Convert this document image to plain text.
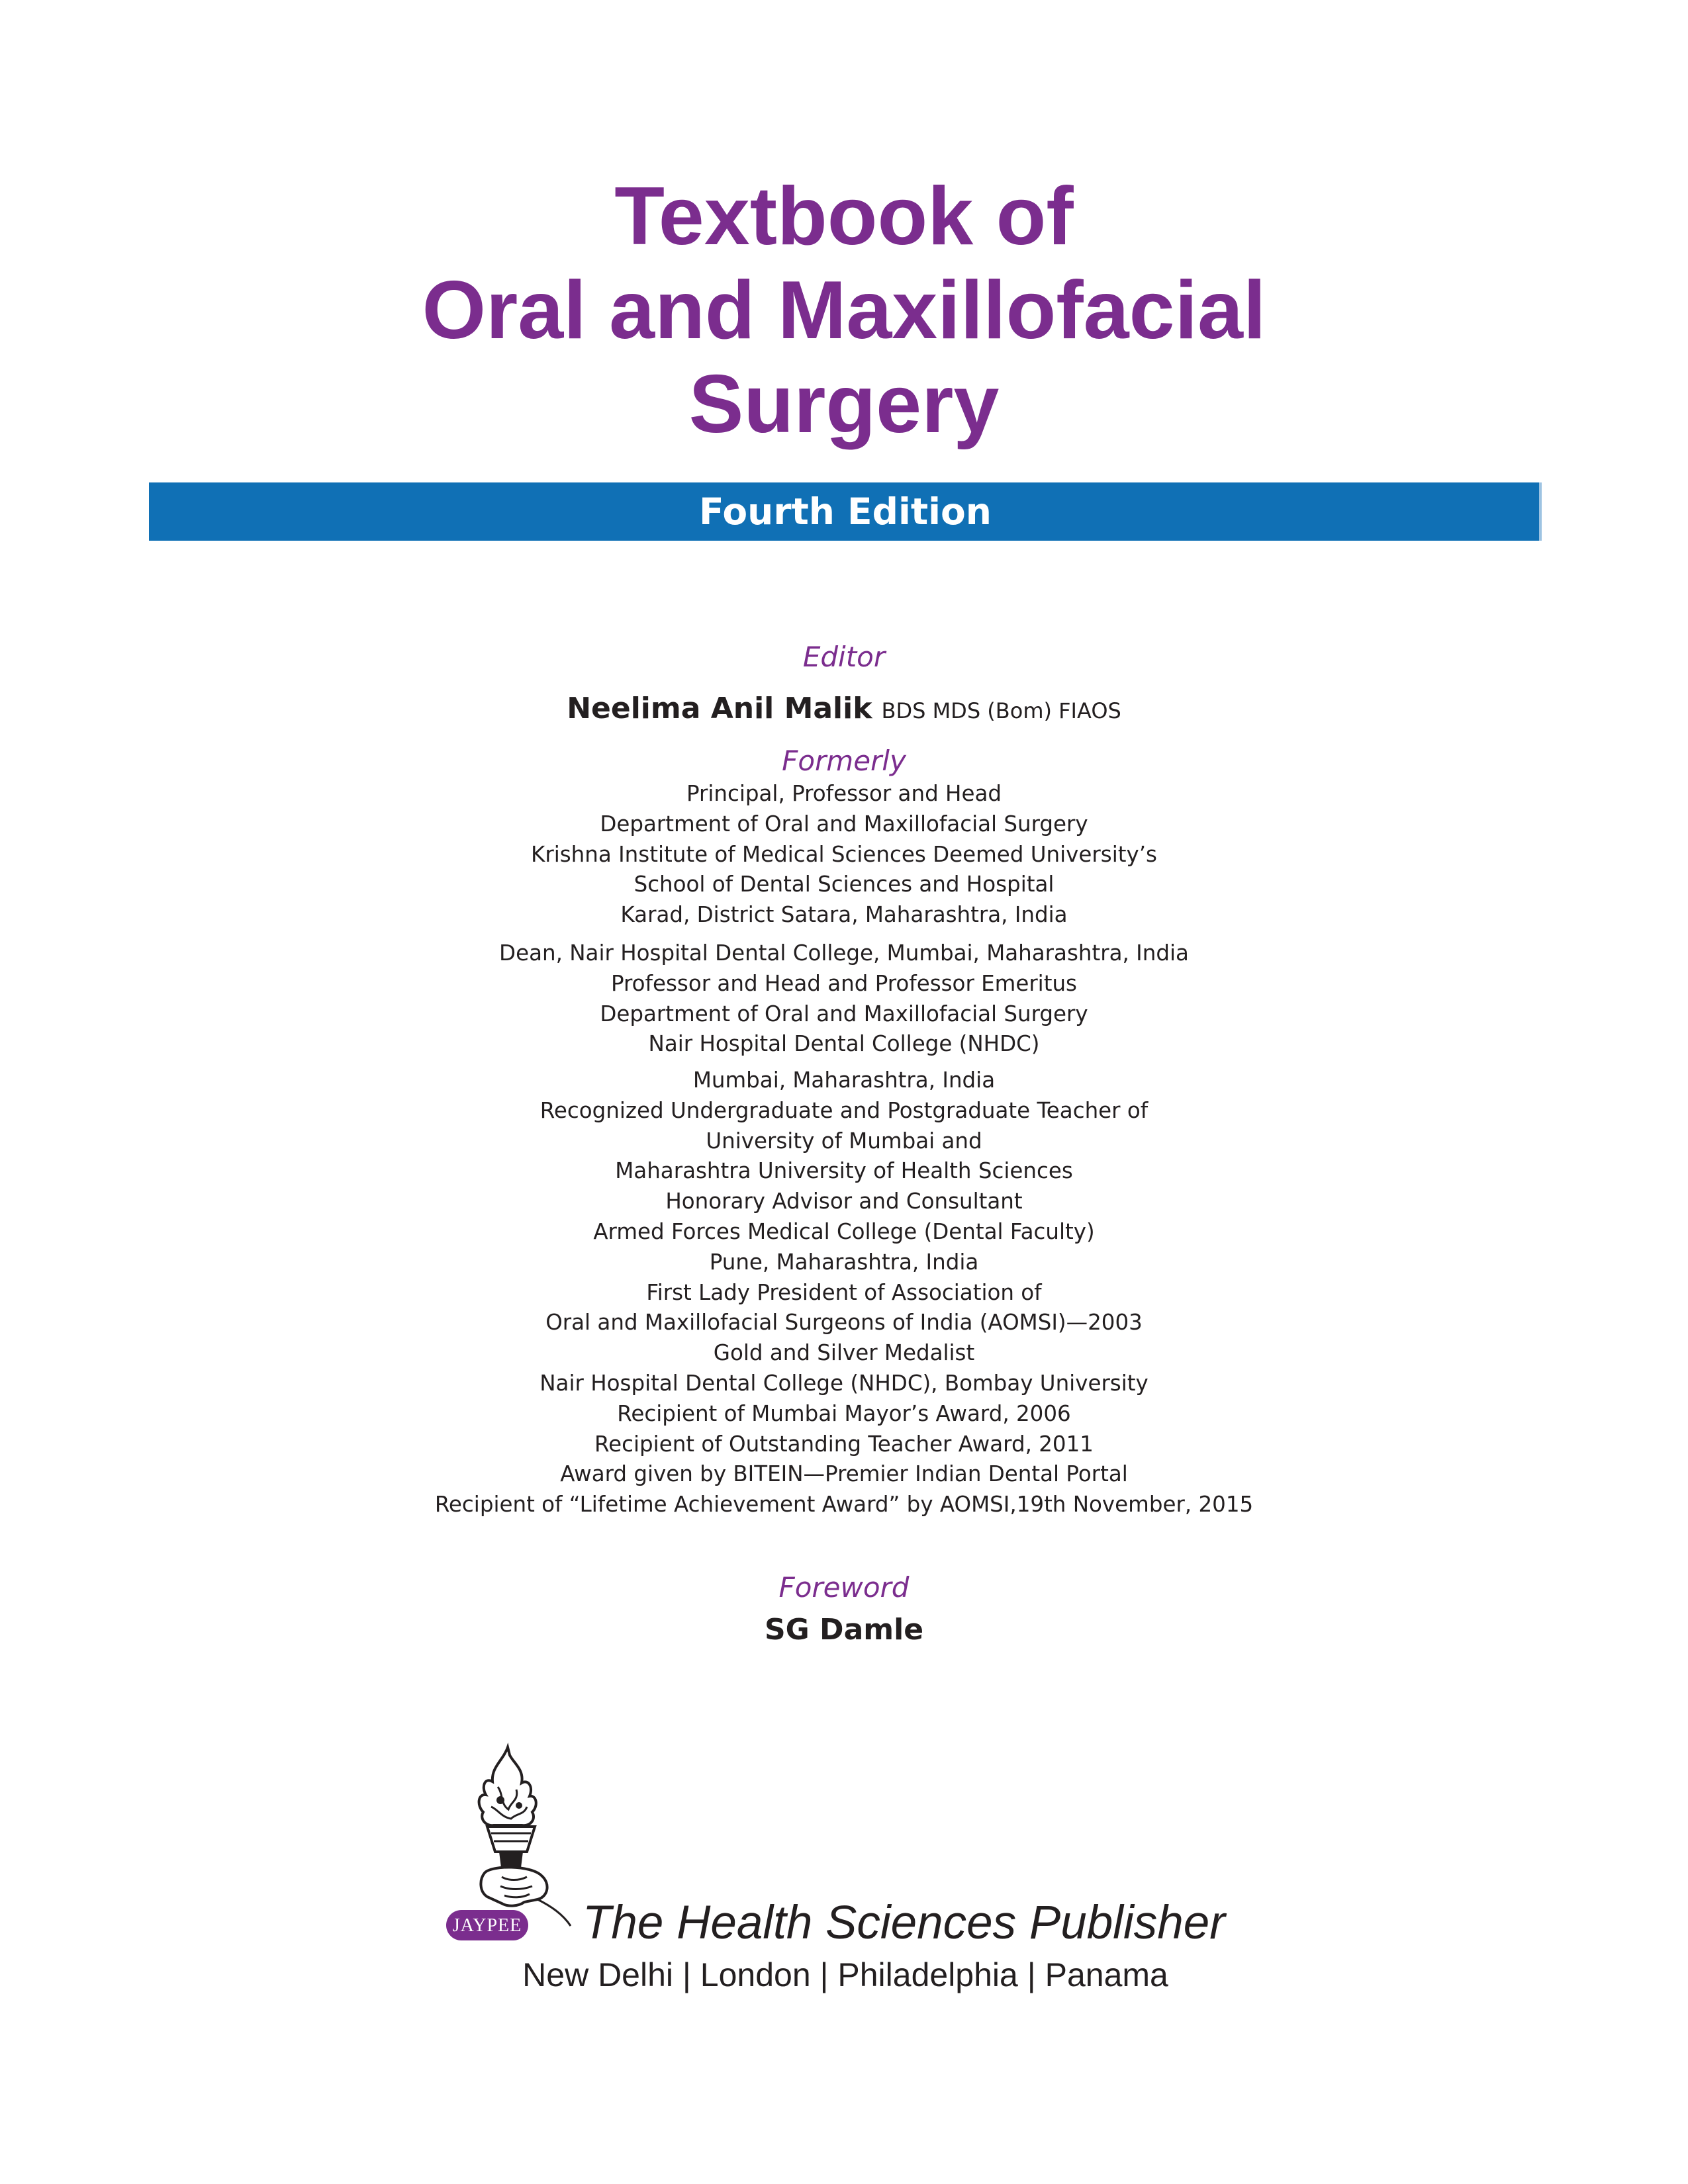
Textbook of
Oral and Maxillofacial
Surgery
Fourth Edition
Editor
Neelima Anil Malik BDS MDS (Bom) FIAOS
Formerly
Principal, Professor and Head
Department of Oral and Maxillofacial Surgery
Krishna Institute of Medical Sciences Deemed University’s
School of Dental Sciences and Hospital
Karad, District Satara, Maharashtra, India
Dean, Nair Hospital Dental College, Mumbai, Maharashtra, India
Professor and Head and Professor Emeritus
Department of Oral and Maxillofacial Surgery
Nair Hospital Dental College (NHDC)
Mumbai, Maharashtra, India
Recognized Undergraduate and Postgraduate Teacher of
University of Mumbai and
Maharashtra University of Health Sciences
Honorary Advisor and Consultant
Armed Forces Medical College (Dental Faculty)
Pune, Maharashtra, India
First Lady President of Association of
Oral and Maxillofacial Surgeons of India (AOMSI)—2003
Gold and Silver Medalist
Nair Hospital Dental College (NHDC), Bombay University
Recipient of Mumbai Mayor’s Award, 2006
Recipient of Outstanding Teacher Award, 2011
Award given by BITEIN—Premier Indian Dental Portal
Recipient of “Lifetime Achievement Award” by AOMSI,19th November, 2015
Foreword
SG Damle
JAYPEE The Health Sciences Publisher
New Delhi | London | Philadelphia | Panama
